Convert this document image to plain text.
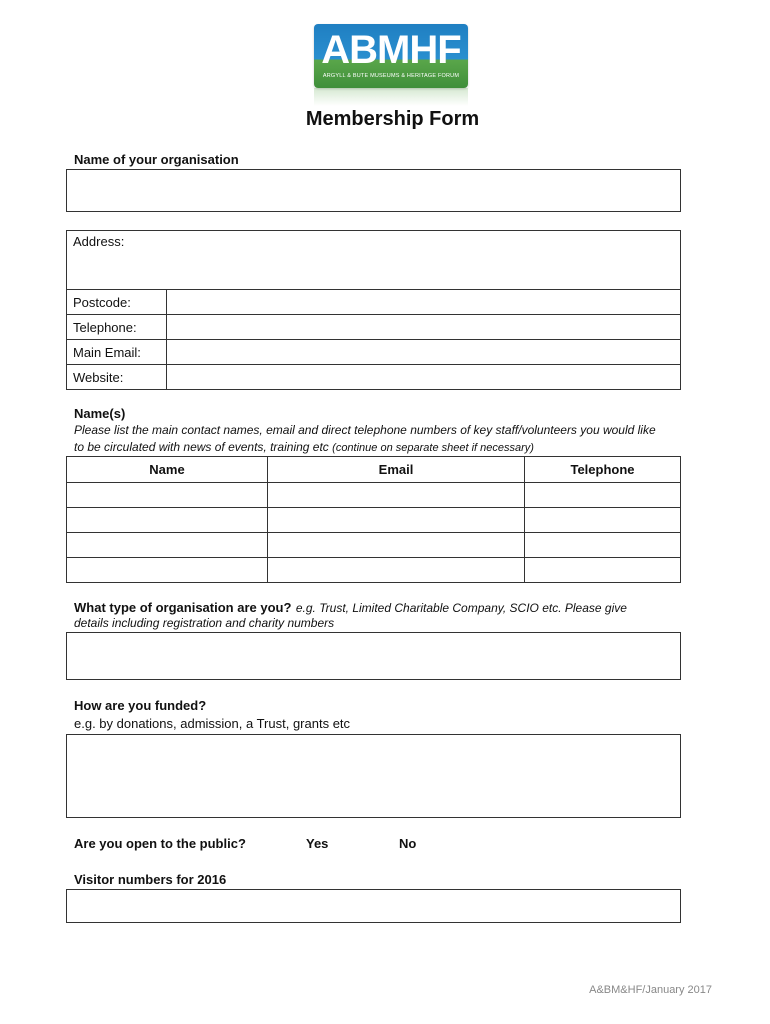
ABMHF
ARGYLL & BUTE MUSEUMS & HERITAGE FORUM
Membership Form
Name of your organisation
Address:	
Postcode:	
Telephone:	
Main Email:	
Website:	
Name(s)
Please list the main contact names, email and direct telephone numbers of key staff/volunteers you would like
to be circulated with news of events, training etc (continue on separate sheet if necessary)
Name	Email	Telephone

What type of organisation are you? e.g. Trust, Limited Charitable Company, SCIO etc. Please give
details including registration and charity numbers
How are you funded?
e.g. by donations, admission, a Trust, grants etc
Are you open to the public?	Yes	No
Visitor numbers for 2016
A&BM&HF/January 2017
